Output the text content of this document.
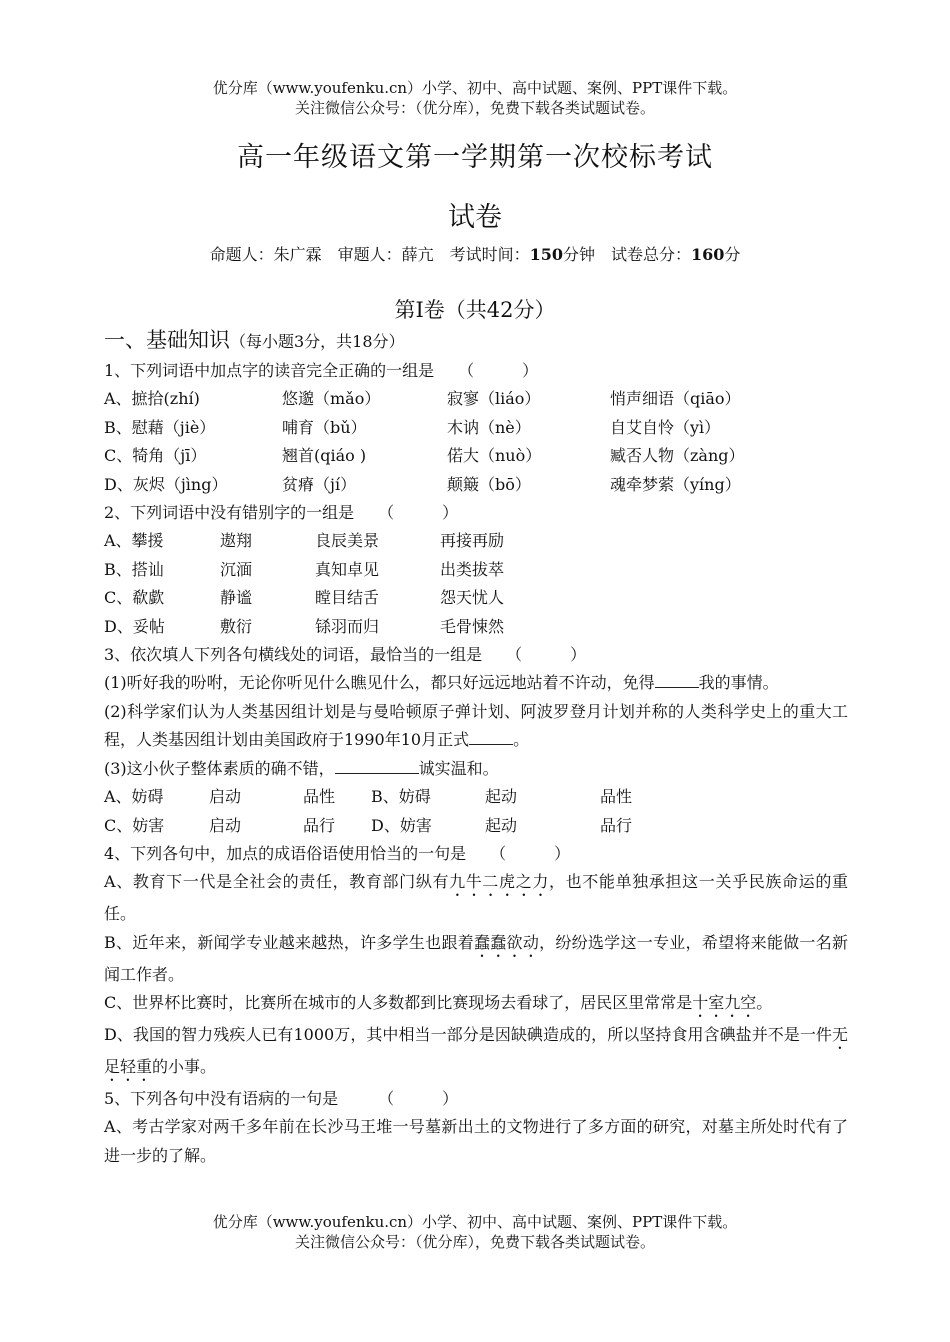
优分库（www.youfenku.cn）小学、初中、高中试题、案例、PPT课件下载。
关注微信公众号：（优分库），免费下载各类试题试卷。
高一年级语文第一学期第一次校标考试
试卷
命题人：朱广霖　审题人：薛亢　考试时间：150分钟　试卷总分：160分
第Ⅰ卷（共42分）
一、基础知识（每小题3分，共18分）

1、下列词语中加点字的读音完全正确的一组是　　（　　　）

A、摭拾(zhí)	悠邈（mǎo）	寂寥（liáo）	悄声细语（qiāo）
B、慰藉（jiè）	哺育（bǔ）	木讷（nè）	自艾自怜（yì）
C、犄角（jī）	翘首(qiáo )	偌大（nuò）	臧否人物（zàng）
D、灰烬（jìng）	贫瘠（jí）	颠簸（bō）	魂牵梦萦（yíng）

2、下列词语中没有错别字的一组是　　（　　　）

A、攀援	遨翔	良辰美景	再接再励
B、搭讪	沉湎	真知卓见	出类拔萃
C、欷歔	静谧	瞠目结舌	怨天忧人
D、妥帖	敷衍	铩羽而归	毛骨悚然

3、依次填人下列各句横线处的词语，最恰当的一组是　　（　　　）

(1)听好我的吩咐，无论你听见什么瞧见什么，都只好远远地站着不许动，免得	我的事情。

(2)科学家们认为人类基因组计划是与曼哈顿原子弹计划、阿波罗登月计划并称的人类科学史上的重大工程，人类基因组计划由美国政府于1990年10月正式	。

(3)这小伙子整体素质的确不错，	诚实温和。

A、妨碍	启动	品性	B、妨碍	起动	品性
C、妨害	启动	品行	D、妨害	起动	品行

4、下列各句中，加点的成语俗语使用恰当的一句是　　（　　　）

A、教育下一代是全社会的责任，教育部门纵有九牛二虎之力，也不能单独承担这一关乎民族命运的重任。

B、近年来，新闻学专业越来越热，许多学生也跟着蠢蠢欲动，纷纷选学这一专业，希望将来能做一名新闻工作者。

C、世界杯比赛时，比赛所在城市的人多数都到比赛现场去看球了，居民区里常常是十室九空。

D、我国的智力残疾人已有1000万，其中相当一部分是因缺碘造成的，所以坚持食用含碘盐并不是一件无足轻重的小事。

5、下列各句中没有语病的一句是　　　（　　　）

A、考古学家对两千多年前在长沙马王堆一号墓新出土的文物进行了多方面的研究，对墓主所处时代有了进一步的了解。

优分库（www.youfenku.cn）小学、初中、高中试题、案例、PPT课件下载。
关注微信公众号：（优分库），免费下载各类试题试卷。
